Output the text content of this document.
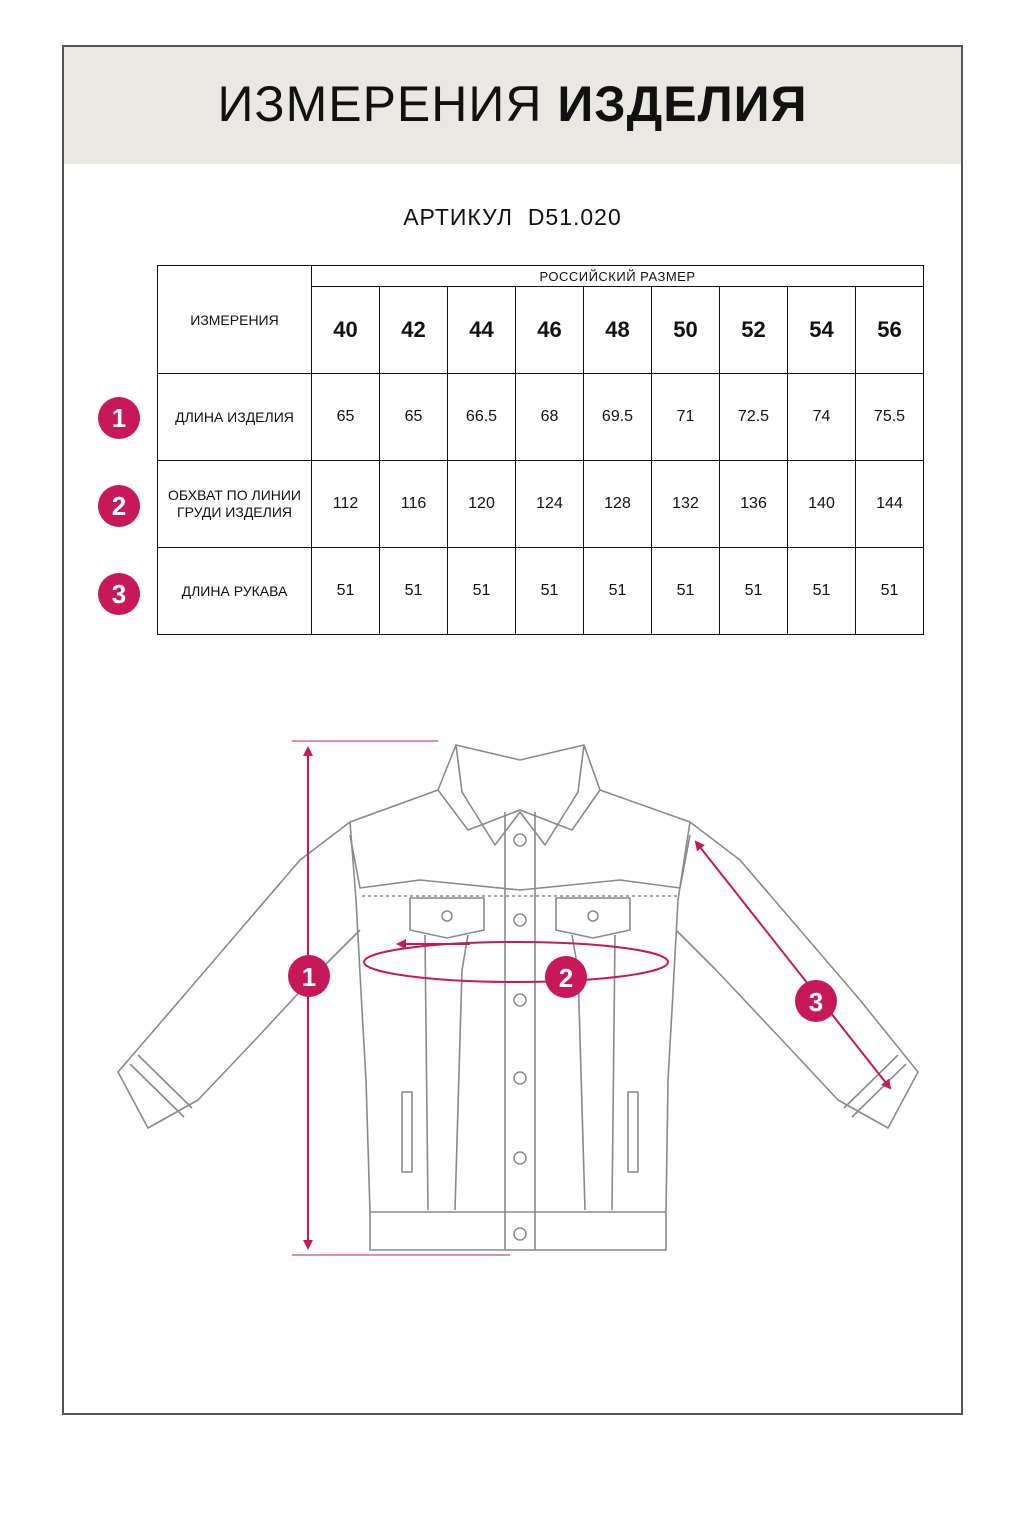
ИЗМЕРЕНИЯ ИЗДЕЛИЯ
АРТИКУЛ D51.020
ИЗМЕРЕНИЯ	РОССИЙСКИЙ РАЗМЕР								
	40	42	44	46	48	50	52	54	56
ДЛИНА ИЗДЕЛИЯ	65	65	66.5	68	69.5	71	72.5	74	75.5
ОБХВАТ ПО ЛИНИИ ГРУДИ ИЗДЕЛИЯ	112	116	120	124	128	132	136	140	144
ДЛИНА РУКАВА	51	51	51	51	51	51	51	51	51
1
2
3
1	2
3
